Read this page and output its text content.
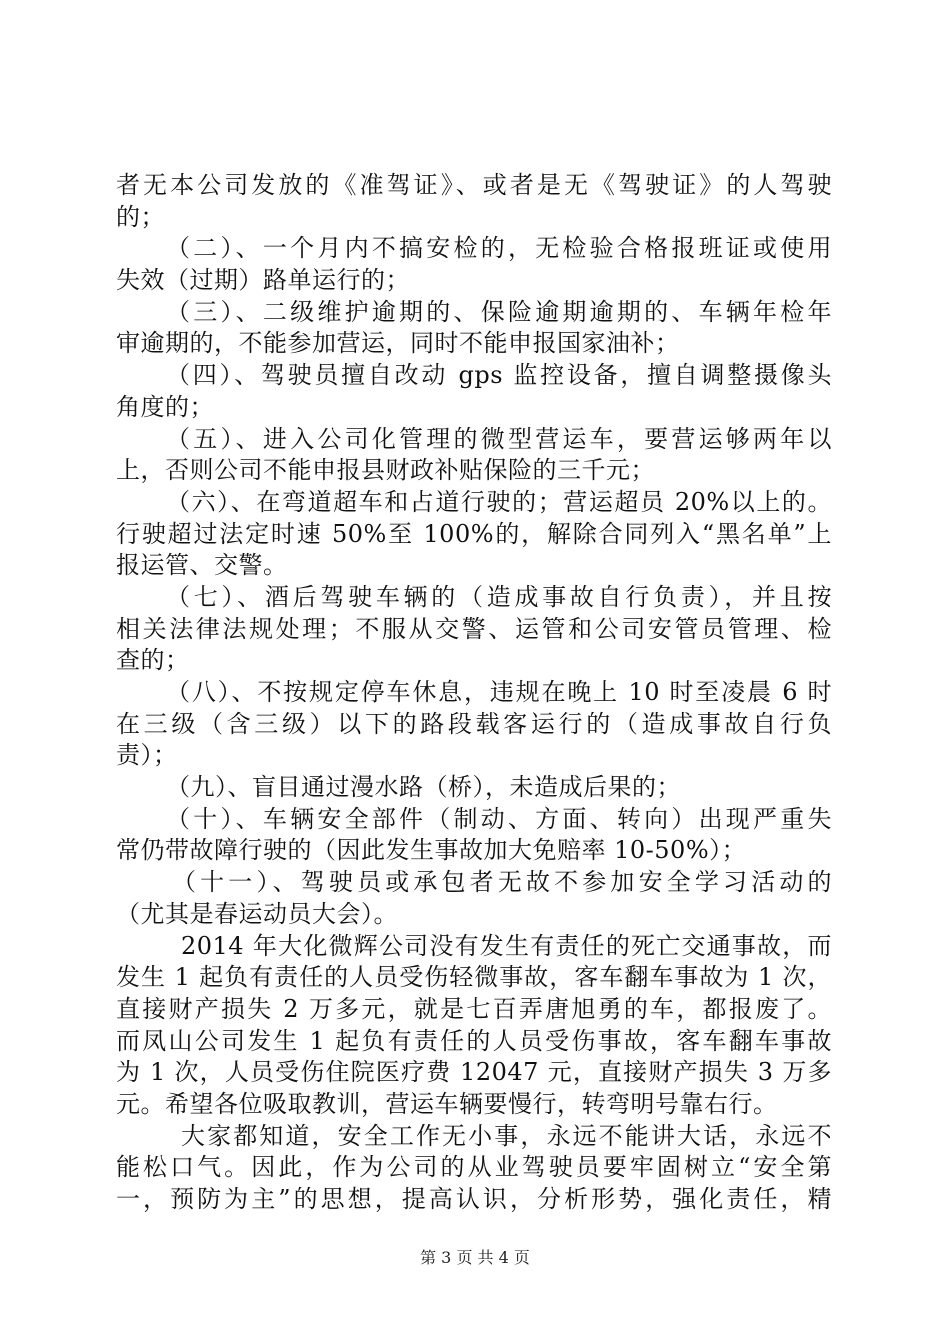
者无本公司发放的《准驾证》、或者是无《驾驶证》的人驾驶
的；
（二）、一个月内不搞安检的，无检验合格报班证或使用
失效（过期）路单运行的；
（三）、二级维护逾期的、保险逾期逾期的、车辆年检年
审逾期的，不能参加营运，同时不能申报国家油补；
（四）、驾驶员擅自改动 gps 监控设备，擅自调整摄像头
角度的；
（五）、进入公司化管理的微型营运车，要营运够两年以
上，否则公司不能申报县财政补贴保险的三千元；
（六）、在弯道超车和占道行驶的；营运超员 20%以上的。
行驶超过法定时速 50%至 100%的，解除合同列入“黑名单”上
报运管、交警。
（七）、酒后驾驶车辆的（造成事故自行负责），并且按
相关法律法规处理；不服从交警、运管和公司安管员管理、检
查的；
（八）、不按规定停车休息，违规在晚上 10 时至凌晨 6 时
在三级（含三级）以下的路段载客运行的（造成事故自行负
责）；
（九）、盲目通过漫水路（桥），未造成后果的；
（十）、车辆安全部件（制动、方面、转向）出现严重失
常仍带故障行驶的（因此发生事故加大免赔率 10-50%）；
（十一）、驾驶员或承包者无故不参加安全学习活动的
（尤其是春运动员大会）。
2014 年大化微辉公司没有发生有责任的死亡交通事故，而
发生 1 起负有责任的人员受伤轻微事故，客车翻车事故为 1 次，
直接财产损失 2 万多元，就是七百弄唐旭勇的车，都报废了。
而凤山公司发生 1 起负有责任的人员受伤事故，客车翻车事故
为 1 次，人员受伤住院医疗费 12047 元，直接财产损失 3 万多
元。希望各位吸取教训，营运车辆要慢行，转弯明号靠右行。
大家都知道，安全工作无小事，永远不能讲大话，永远不
能松口气。因此，作为公司的从业驾驶员要牢固树立“安全第
一，预防为主”的思想，提高认识，分析形势，强化责任，精
第 3 页 共 4 页
